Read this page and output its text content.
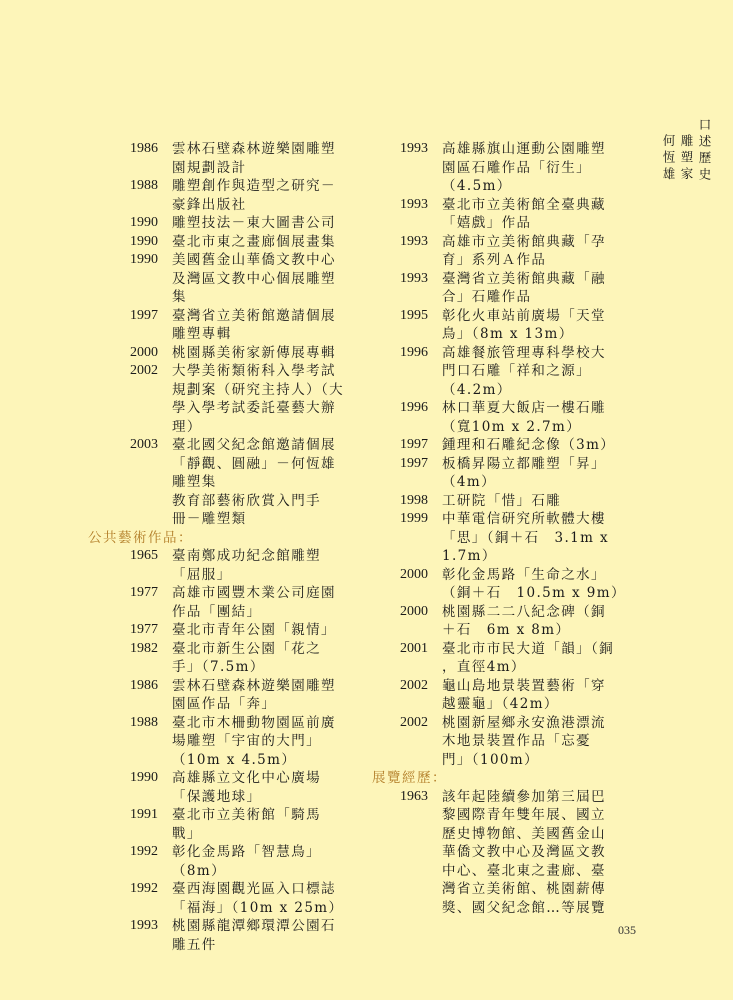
1986	雲林石壁森林遊樂園雕塑
園規劃設計
1988	雕塑創作與造型之研究－
豪鋒出版社
1990	雕塑技法－東大圖書公司
1990	臺北市東之畫廊個展畫集
1990	美國舊金山華僑文教中心
及灣區文教中心個展雕塑
集
1997	臺灣省立美術館邀請個展
雕塑專輯
2000	桃園縣美術家新傳展專輯
2002	大學美術類術科入學考試
規劃案（研究主持人）（大
學入學考試委託臺藝大辦
理）
2003	臺北國父紀念館邀請個展
「靜觀、圓融」－何恆雄
雕塑集
教育部藝術欣賞入門手
冊－雕塑類
公共藝術作品：
1965	臺南鄭成功紀念館雕塑
「屈服」
1977	高雄市國豐木業公司庭園
作品「團結」
1977	臺北市青年公園「親情」
1982	臺北市新生公園「花之
手」（7.5m）
1986	雲林石壁森林遊樂園雕塑
園區作品「奔」
1988	臺北市木柵動物園區前廣
場雕塑「宇宙的大門」
（10m x 4.5m）
1990	高雄縣立文化中心廣場
「保護地球」
1991	臺北市立美術館「騎馬
戰」
1992	彰化金馬路「智慧鳥」
（8m）
1992	臺西海園觀光區入口標誌
「福海」（10m x 25m）
1993	桃園縣龍潭鄉環潭公園石
雕五件
1993	高雄縣旗山運動公園雕塑
園區石雕作品「衍生」
（4.5m）
1993	臺北市立美術館全臺典藏
「嬉戲」作品
1993	高雄市立美術館典藏「孕
育」系列Ａ作品
1993	臺灣省立美術館典藏「融
合」石雕作品
1995	彰化火車站前廣場「天堂
鳥」（8m x 13m）
1996	高雄餐旅管理專科學校大
門口石雕「祥和之源」
（4.2m）
1996	林口華夏大飯店一樓石雕
（寬10m x 2.7m）
1997	鍾理和石雕紀念像（3m）
1997	板橋昇陽立都雕塑「昇」
（4m）
1998	工研院「惜」石雕
1999	中華電信研究所軟體大樓
「思」（銅＋石　3.1m x
1.7m）
2000	彰化金馬路「生命之水」
（銅＋石　10.5m x 9m）
2000	桃園縣二二八紀念碑（銅
＋石　6m x 8m）
2001	臺北市市民大道「韻」（銅
，直徑4m）
2002	龜山島地景裝置藝術「穿
越靈龜」（42m）
2002	桃園新屋鄉永安漁港漂流
木地景裝置作品「忘憂
門」（100m）
展覽經歷：
1963	該年起陸續參加第三屆巴
黎國際青年雙年展、國立
歷史博物館、美國舊金山
華僑文教中心及灣區文教
中心、臺北東之畫廊、臺
灣省立美術館、桃園薪傳
獎、國父紀念館…等展覽
口述歷史
雕塑家
何恆雄
035
